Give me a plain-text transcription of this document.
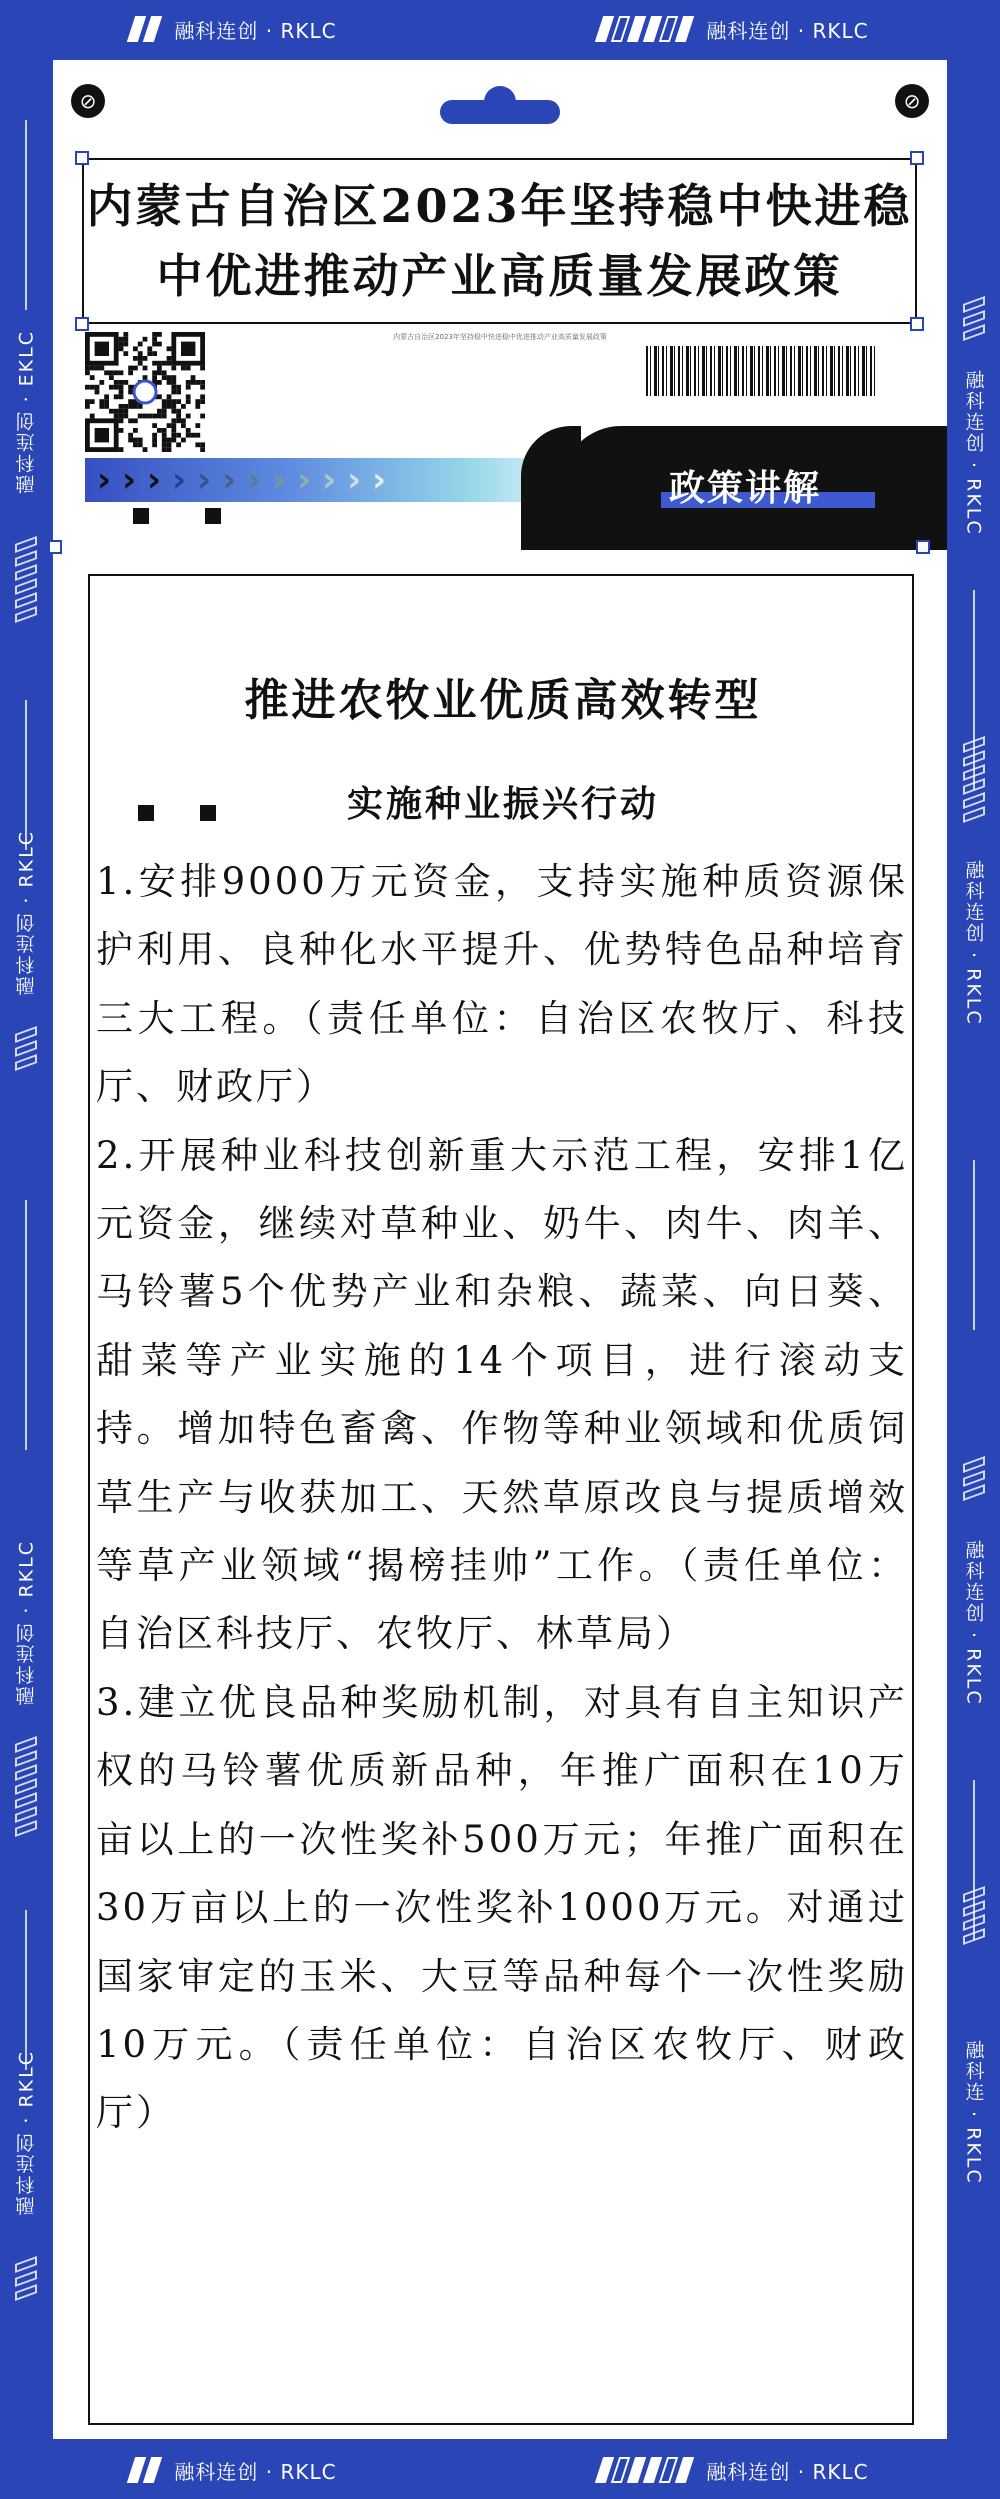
融科连创 · RKLC	融科连创 · RKLC
融科连创 · RKLC	融科连创 · RKLC
融科连创 · EKLC
融科连创 · RKLC
融科连创 · RKLC
融科连创 · RKLC
融科连创 · RKLC
融科连创 · RKLC
融科连创 · RKLC
融科连 · RKLC
⊘	⊘
内蒙古自治区2023年坚持稳中快进稳
中优进推动产业高质量发展政策
内蒙古自治区2023年坚持稳中快进稳中优进推动产业高质量发展政策
› › › › › › › › › › › ›	政策讲解
推进农牧业优质高效转型
实施种业振兴行动

1.安排9000万元资金，支持实施种质资源保护利用、良种化水平提升、优势特色品种培育三大工程。（责任单位：自治区农牧厅、科技厅、财政厅）

2.开展种业科技创新重大示范工程，安排1亿元资金，继续对草种业、奶牛、肉牛、肉羊、马铃薯5个优势产业和杂粮、蔬菜、向日葵、甜菜等产业实施的14个项目，进行滚动支持。增加特色畜禽、作物等种业领域和优质饲草生产与收获加工、天然草原改良与提质增效等草产业领域“揭榜挂帅”工作。（责任单位：自治区科技厅、农牧厅、林草局）

3.建立优良品种奖励机制，对具有自主知识产权的马铃薯优质新品种，年推广面积在10万亩以上的一次性奖补500万元；年推广面积在30万亩以上的一次性奖补1000万元。对通过国家审定的玉米、大豆等品种每个一次性奖励10万元。（责任单位：自治区农牧厅、财政厅）
